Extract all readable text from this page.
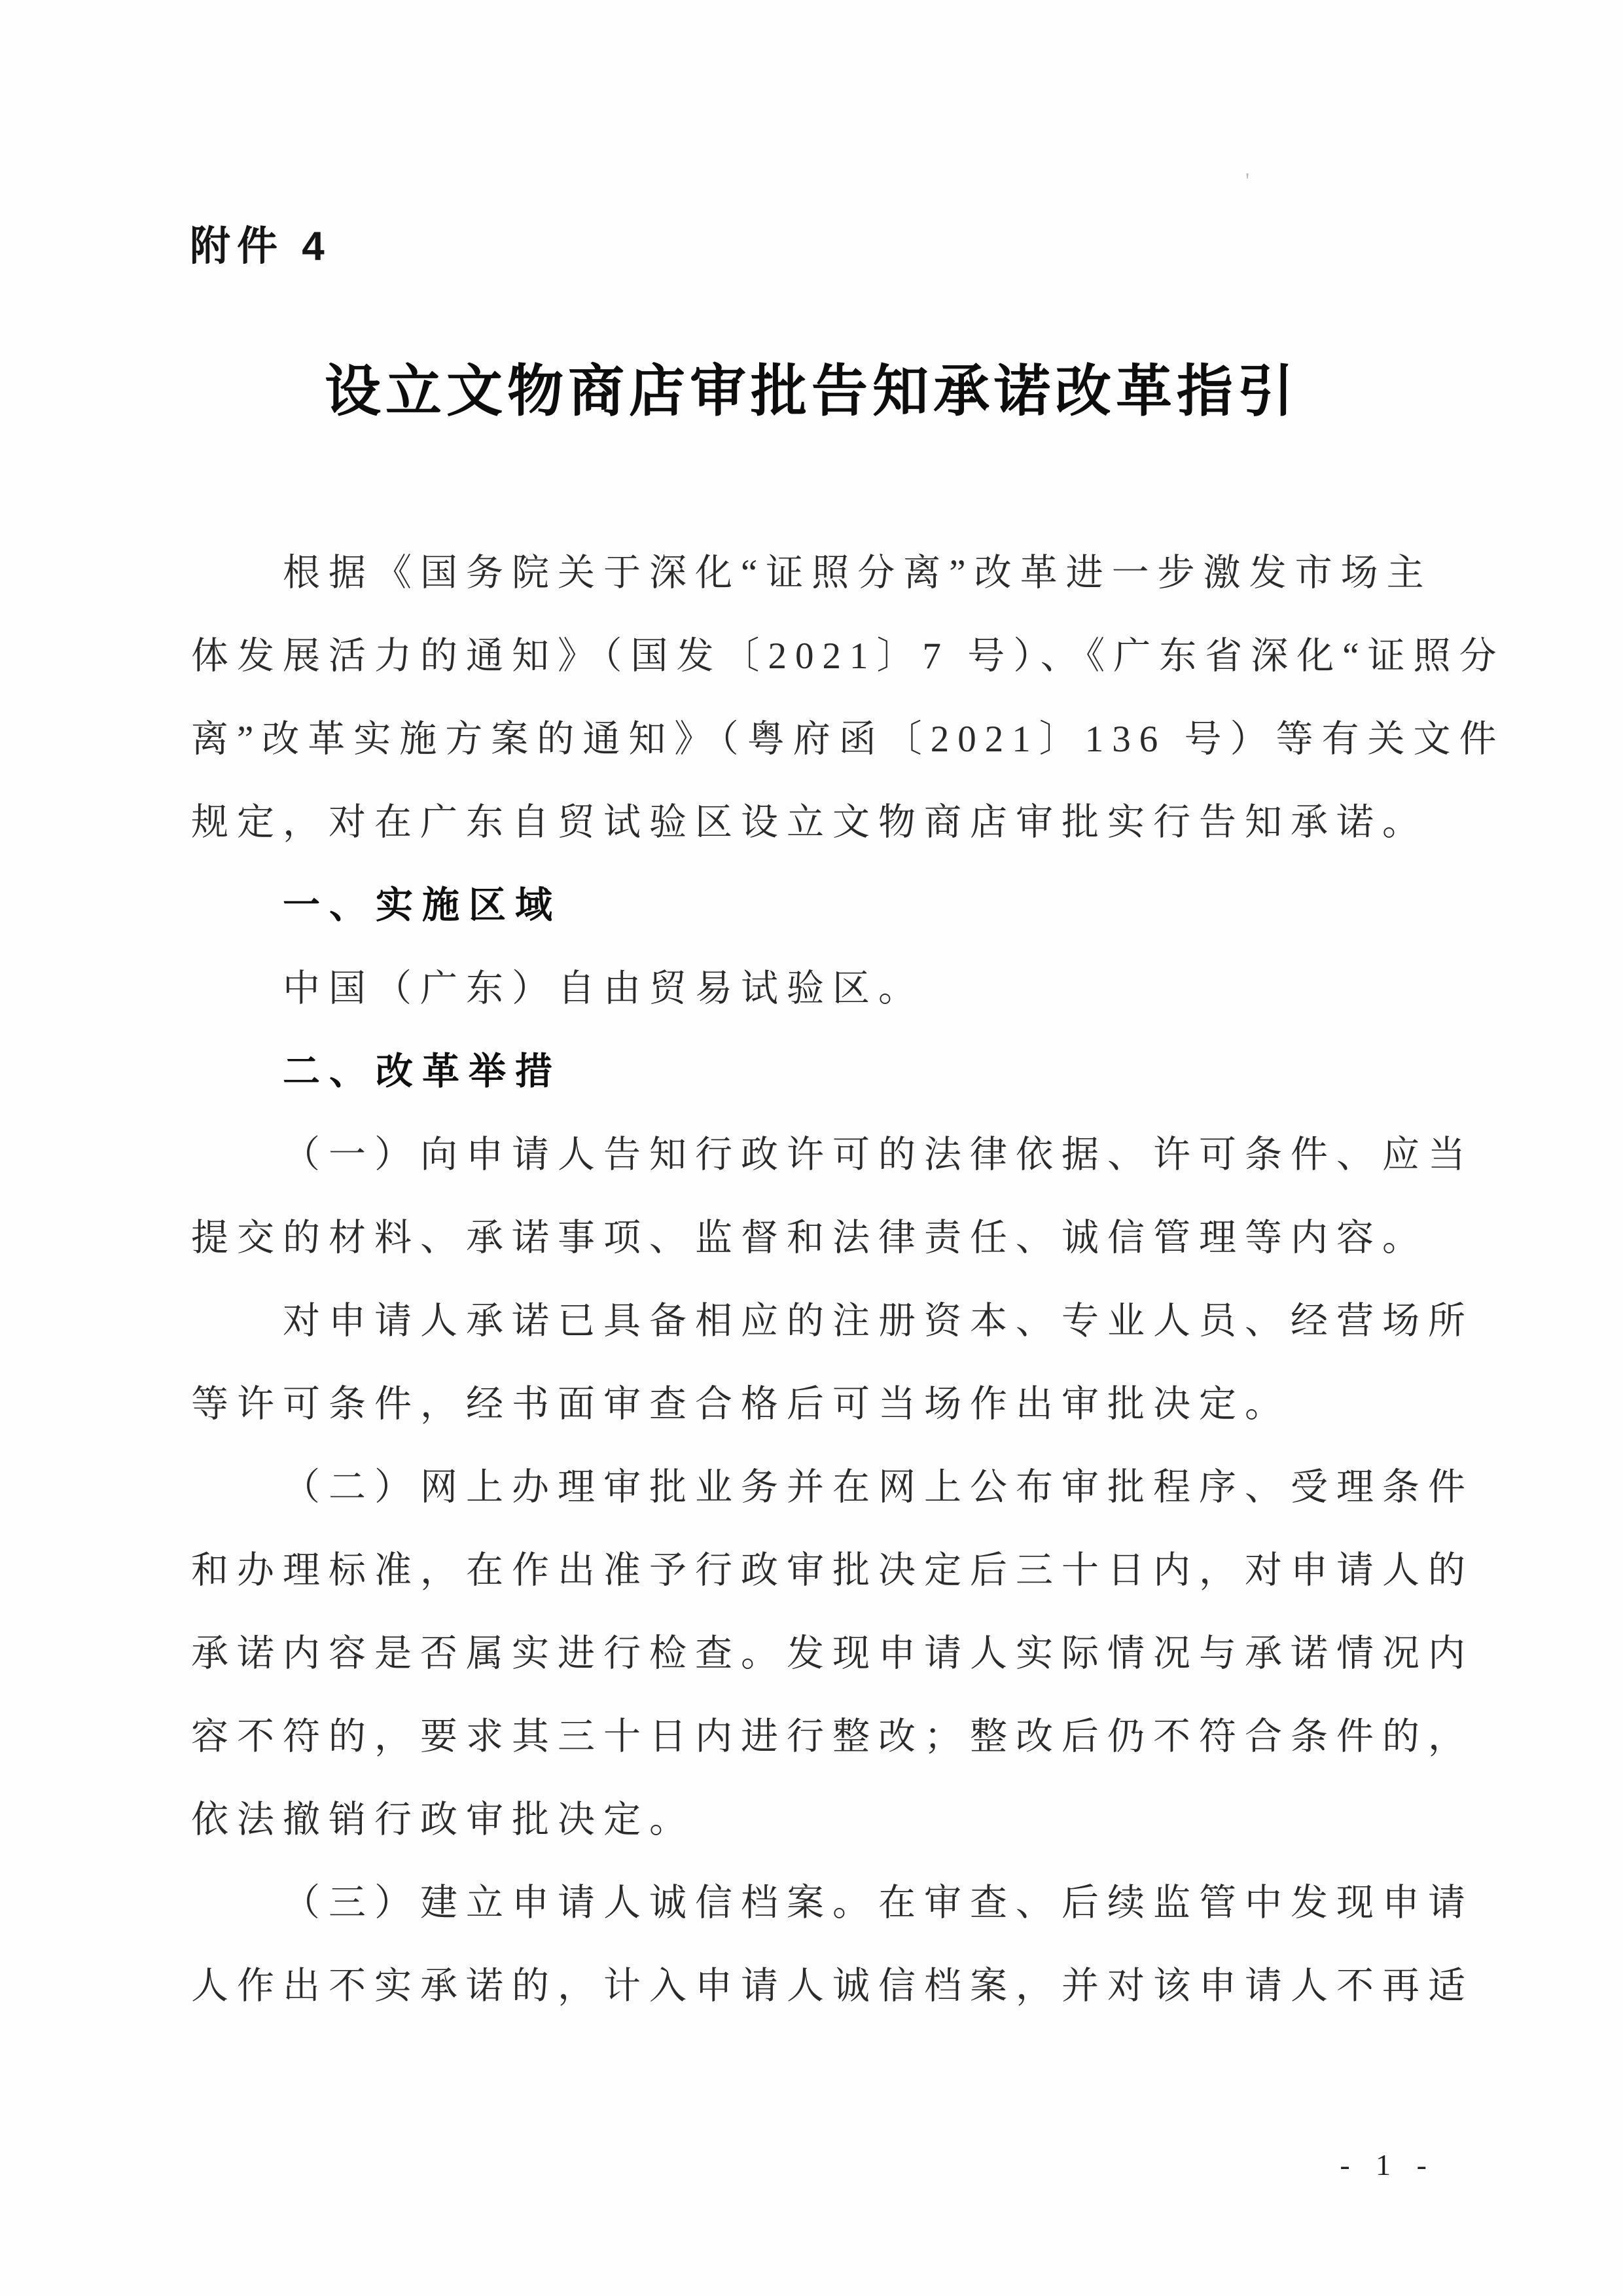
附件 4
'
设立文物商店审批告知承诺改革指引
根据《国务院关于深化“证照分离”改革进一步激发市场主
体发展活力的通知》（国发〔2021〕7 号）、《广东省深化“证照分
离”改革实施方案的通知》（粤府函〔2021〕136 号）等有关文件
规定，对在广东自贸试验区设立文物商店审批实行告知承诺。
一、实施区域
中国（广东）自由贸易试验区。
二、改革举措
（一）向申请人告知行政许可的法律依据、许可条件、应当
提交的材料、承诺事项、监督和法律责任、诚信管理等内容。
对申请人承诺已具备相应的注册资本、专业人员、经营场所
等许可条件，经书面审查合格后可当场作出审批决定。
（二）网上办理审批业务并在网上公布审批程序、受理条件
和办理标准，在作出准予行政审批决定后三十日内，对申请人的
承诺内容是否属实进行检查。发现申请人实际情况与承诺情况内
容不符的，要求其三十日内进行整改；整改后仍不符合条件的，
依法撤销行政审批决定。
（三）建立申请人诚信档案。在审查、后续监管中发现申请
人作出不实承诺的，计入申请人诚信档案，并对该申请人不再适
- 1 -
